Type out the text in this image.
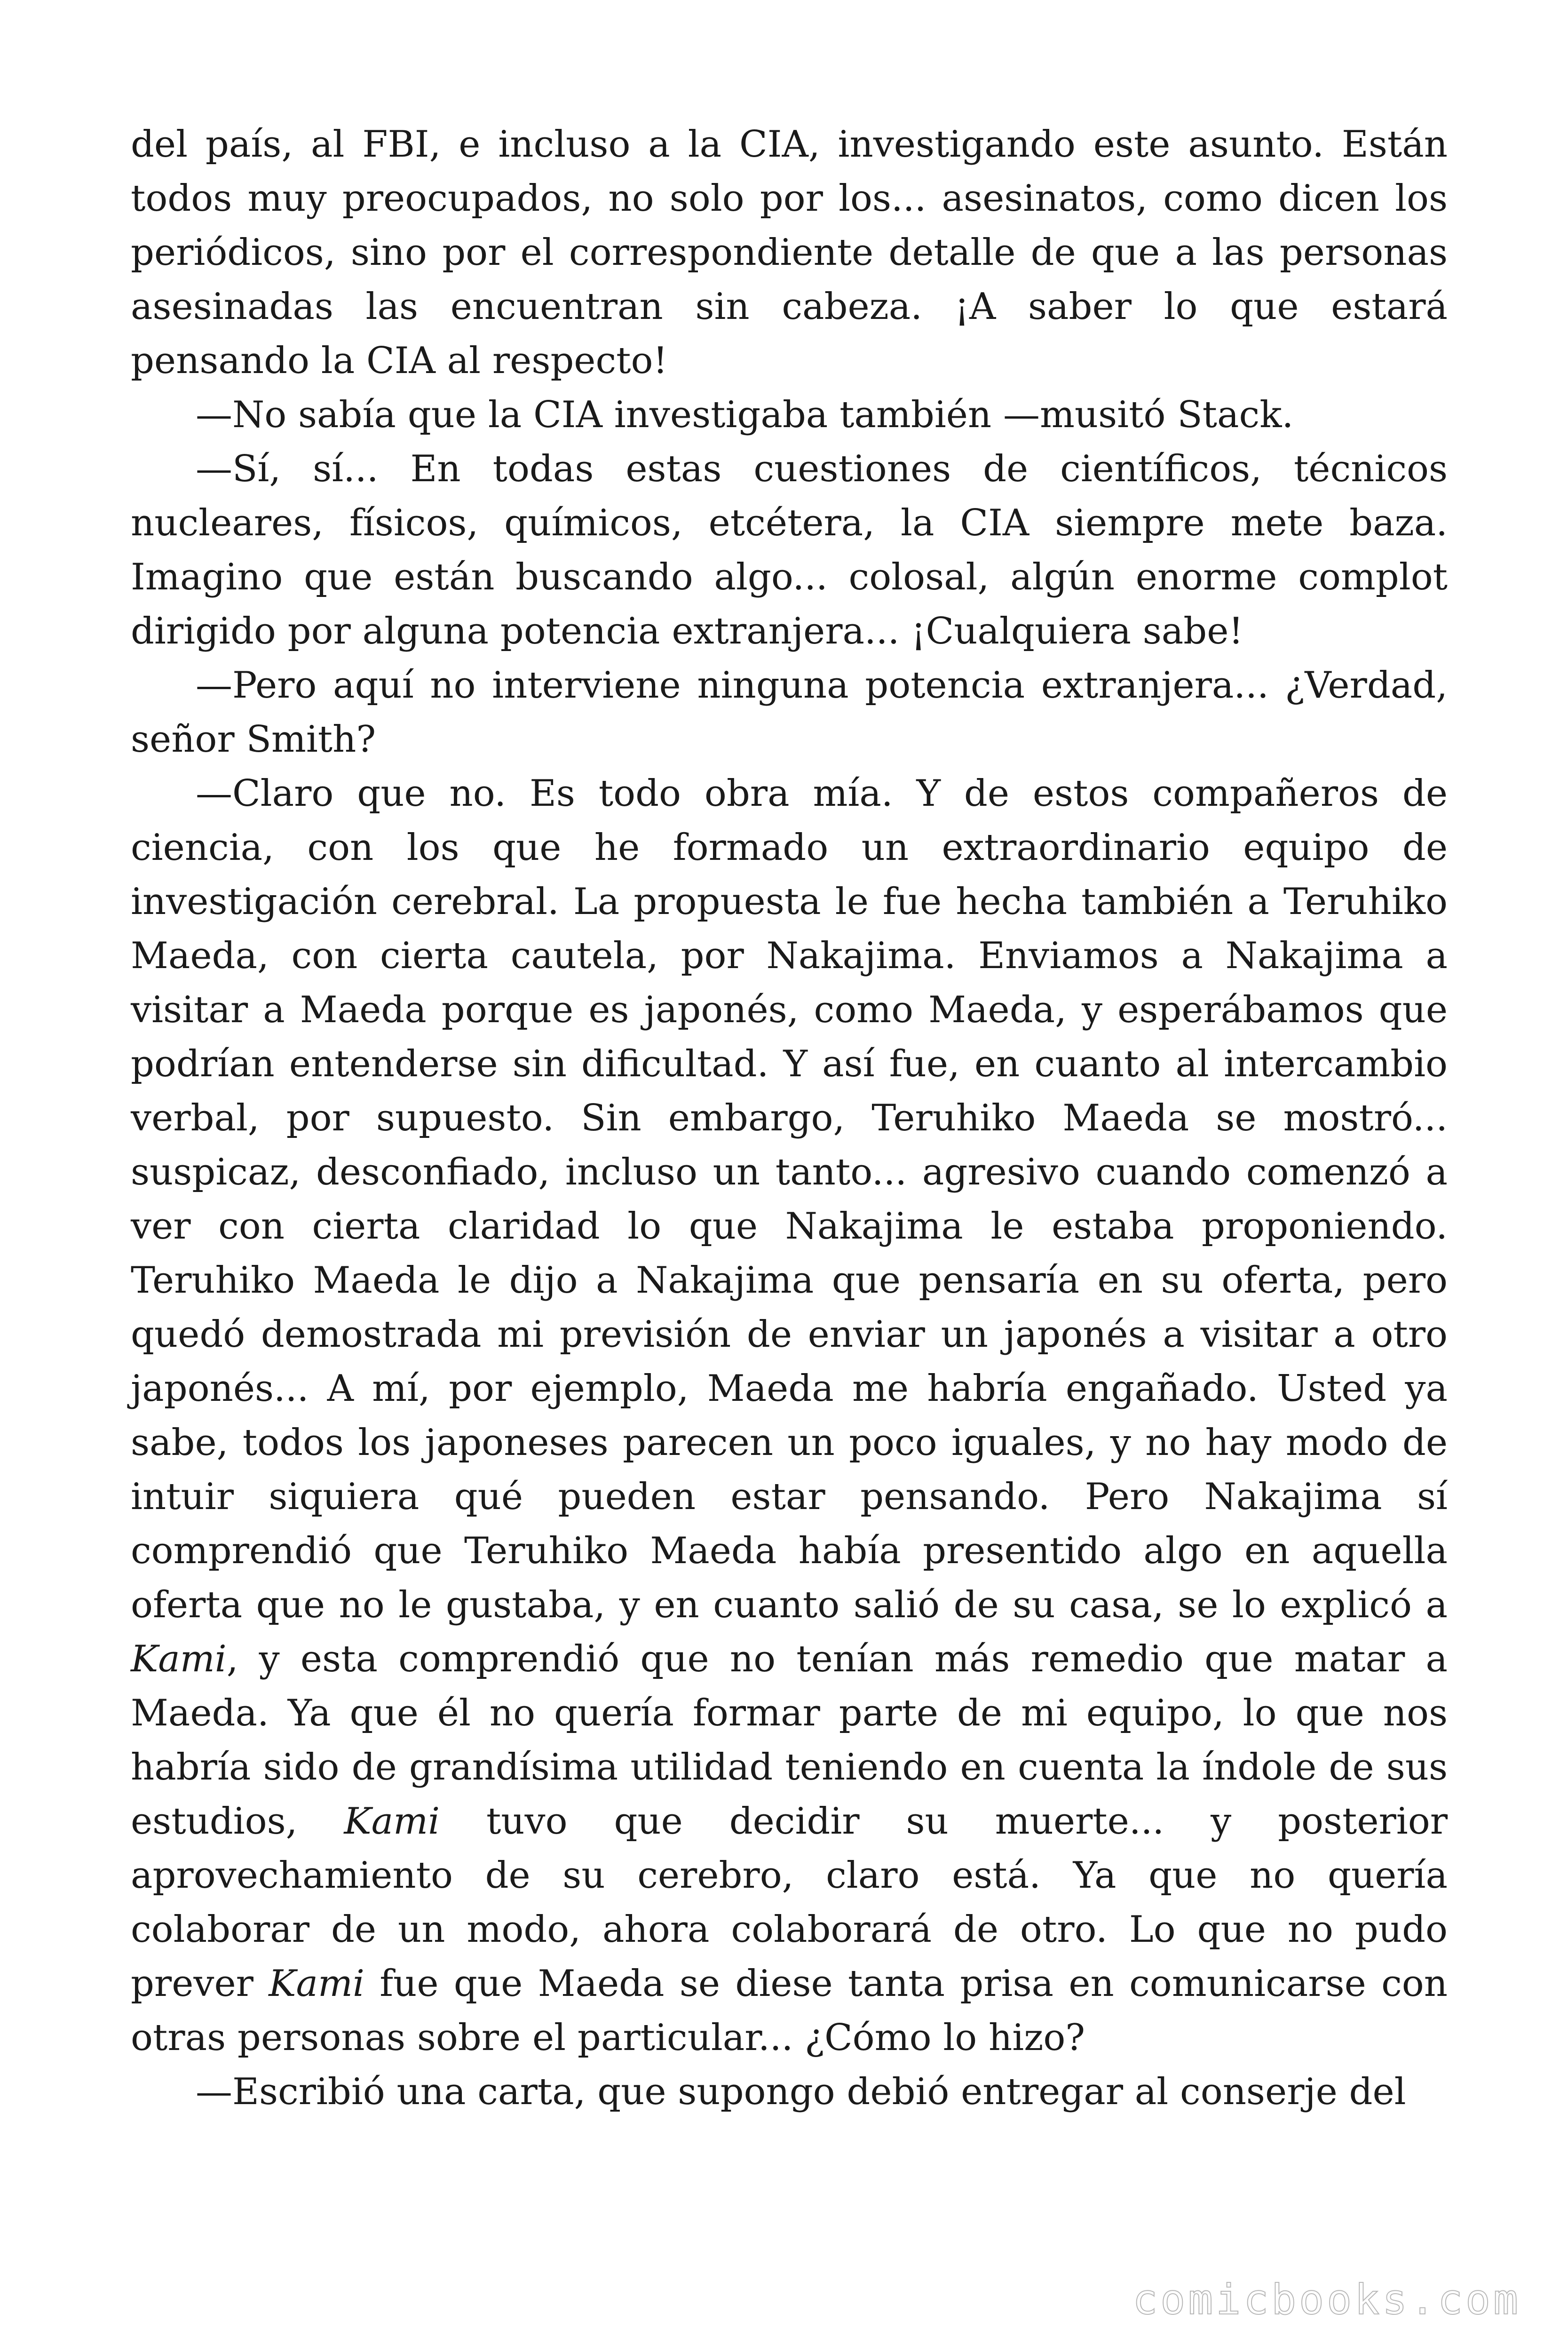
del país, al FBI, e incluso a la CIA, investigando este asunto. Están todos muy preocupados, no solo por los... asesinatos, como dicen los periódicos, sino por el correspondiente detalle de que a las personas asesinadas las encuentran sin cabeza. ¡A saber lo que estará pensando la CIA al respecto!

—No sabía que la CIA investigaba también —musitó Stack.

—Sí, sí... En todas estas cuestiones de científicos, técnicos nucleares, físicos, químicos, etcétera, la CIA siempre mete baza. Imagino que están buscando algo... colosal, algún enorme complot dirigido por alguna potencia extranjera... ¡Cualquiera sabe!

—Pero aquí no interviene ninguna potencia extranjera... ¿Verdad, señor Smith?

—Claro que no. Es todo obra mía. Y de estos compañeros de ciencia, con los que he formado un extraordinario equipo de investigación cerebral. La propuesta le fue hecha también a Teruhiko Maeda, con cierta cautela, por Nakajima. Enviamos a Nakajima a visitar a Maeda porque es japonés, como Maeda, y esperábamos que podrían entenderse sin dificultad. Y así fue, en cuanto al intercambio verbal, por supuesto. Sin embargo, Teruhiko Maeda se mostró... suspicaz, desconfiado, incluso un tanto... agresivo cuando comenzó a ver con cierta claridad lo que Nakajima le estaba proponiendo. Teruhiko Maeda le dijo a Nakajima que pensaría en su oferta, pero quedó demostrada mi previsión de enviar un japonés a visitar a otro japonés... A mí, por ejemplo, Maeda me habría engañado. Usted ya sabe, todos los japoneses parecen un poco iguales, y no hay modo de intuir siquiera qué pueden estar pensando. Pero Nakajima sí comprendió que Teruhiko Maeda había presentido algo en aquella oferta que no le gustaba, y en cuanto salió de su casa, se lo explicó a Kami, y esta comprendió que no tenían más remedio que matar a Maeda. Ya que él no quería formar parte de mi equipo, lo que nos habría sido de grandísima utilidad teniendo en cuenta la índole de sus estudios, Kami tuvo que decidir su muerte... y posterior aprovechamiento de su cerebro, claro está. Ya que no quería colaborar de un modo, ahora colaborará de otro. Lo que no pudo prever Kami fue que Maeda se diese tanta prisa en comunicarse con otras personas sobre el particular... ¿Cómo lo hizo?

—Escribió una carta, que supongo debió entregar al conserje del

comicbooks.com
